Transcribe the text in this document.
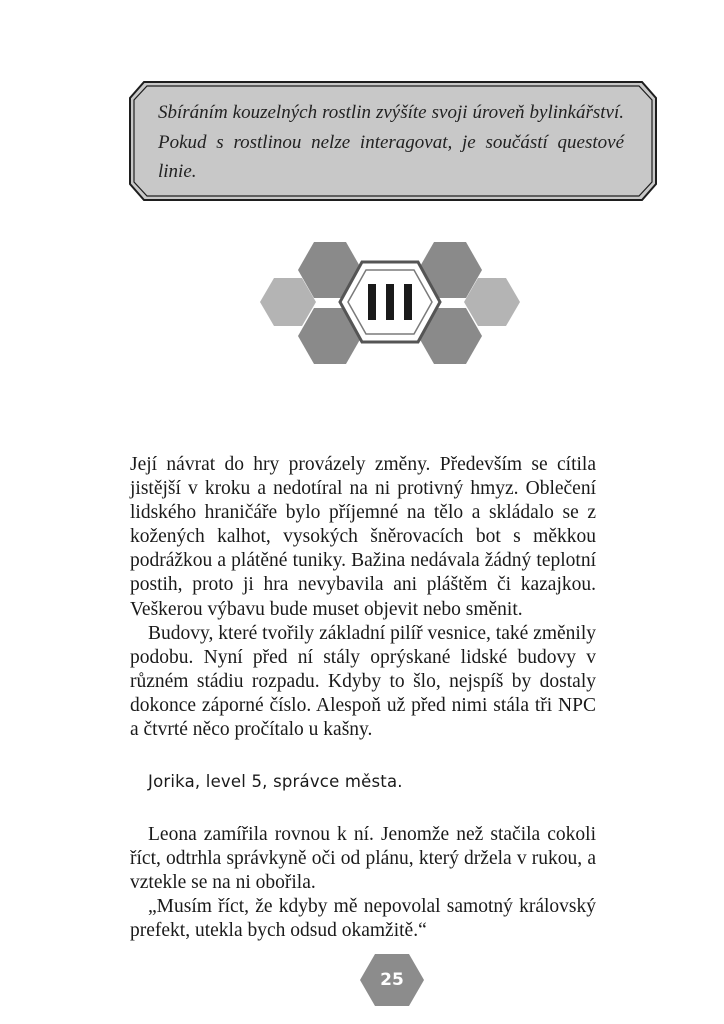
Sbíráním kouzelných rostlin zvýšíte svoji úroveň bylinkářství. Pokud s rostlinou nelze interagovat, je součástí questové linie.

Její návrat do hry provázely změny. Především se cítila jistější v kroku a nedotíral na ni protivný hmyz. Oblečení lidského hraničáře bylo příjemné na tělo a skládalo se z kožených kalhot, vysokých šněrovacích bot s měkkou podrážkou a plátěné tuniky. Bažina nedávala žádný teplotní postih, proto ji hra nevybavila ani pláštěm či kazajkou. Veškerou výbavu bude muset objevit nebo směnit.

Budovy, které tvořily základní pilíř vesnice, také změnily podobu. Nyní před ní stály oprýskané lidské budovy v různém stádiu rozpadu. Kdyby to šlo, nejspíš by dostaly dokonce záporné číslo. Alespoň už před nimi stála tři NPC a čtvrté něco pročítalo u kašny.

Jorika, level 5, správce města.

Leona zamířila rovnou k ní. Jenomže než stačila cokoli říct, odtrhla správkyně oči od plánu, který držela v rukou, a vztekle se na ni obořila.

„Musím říct, že kdyby mě nepovolal samotný královský prefekt, utekla bych odsud okamžitě.“

25
